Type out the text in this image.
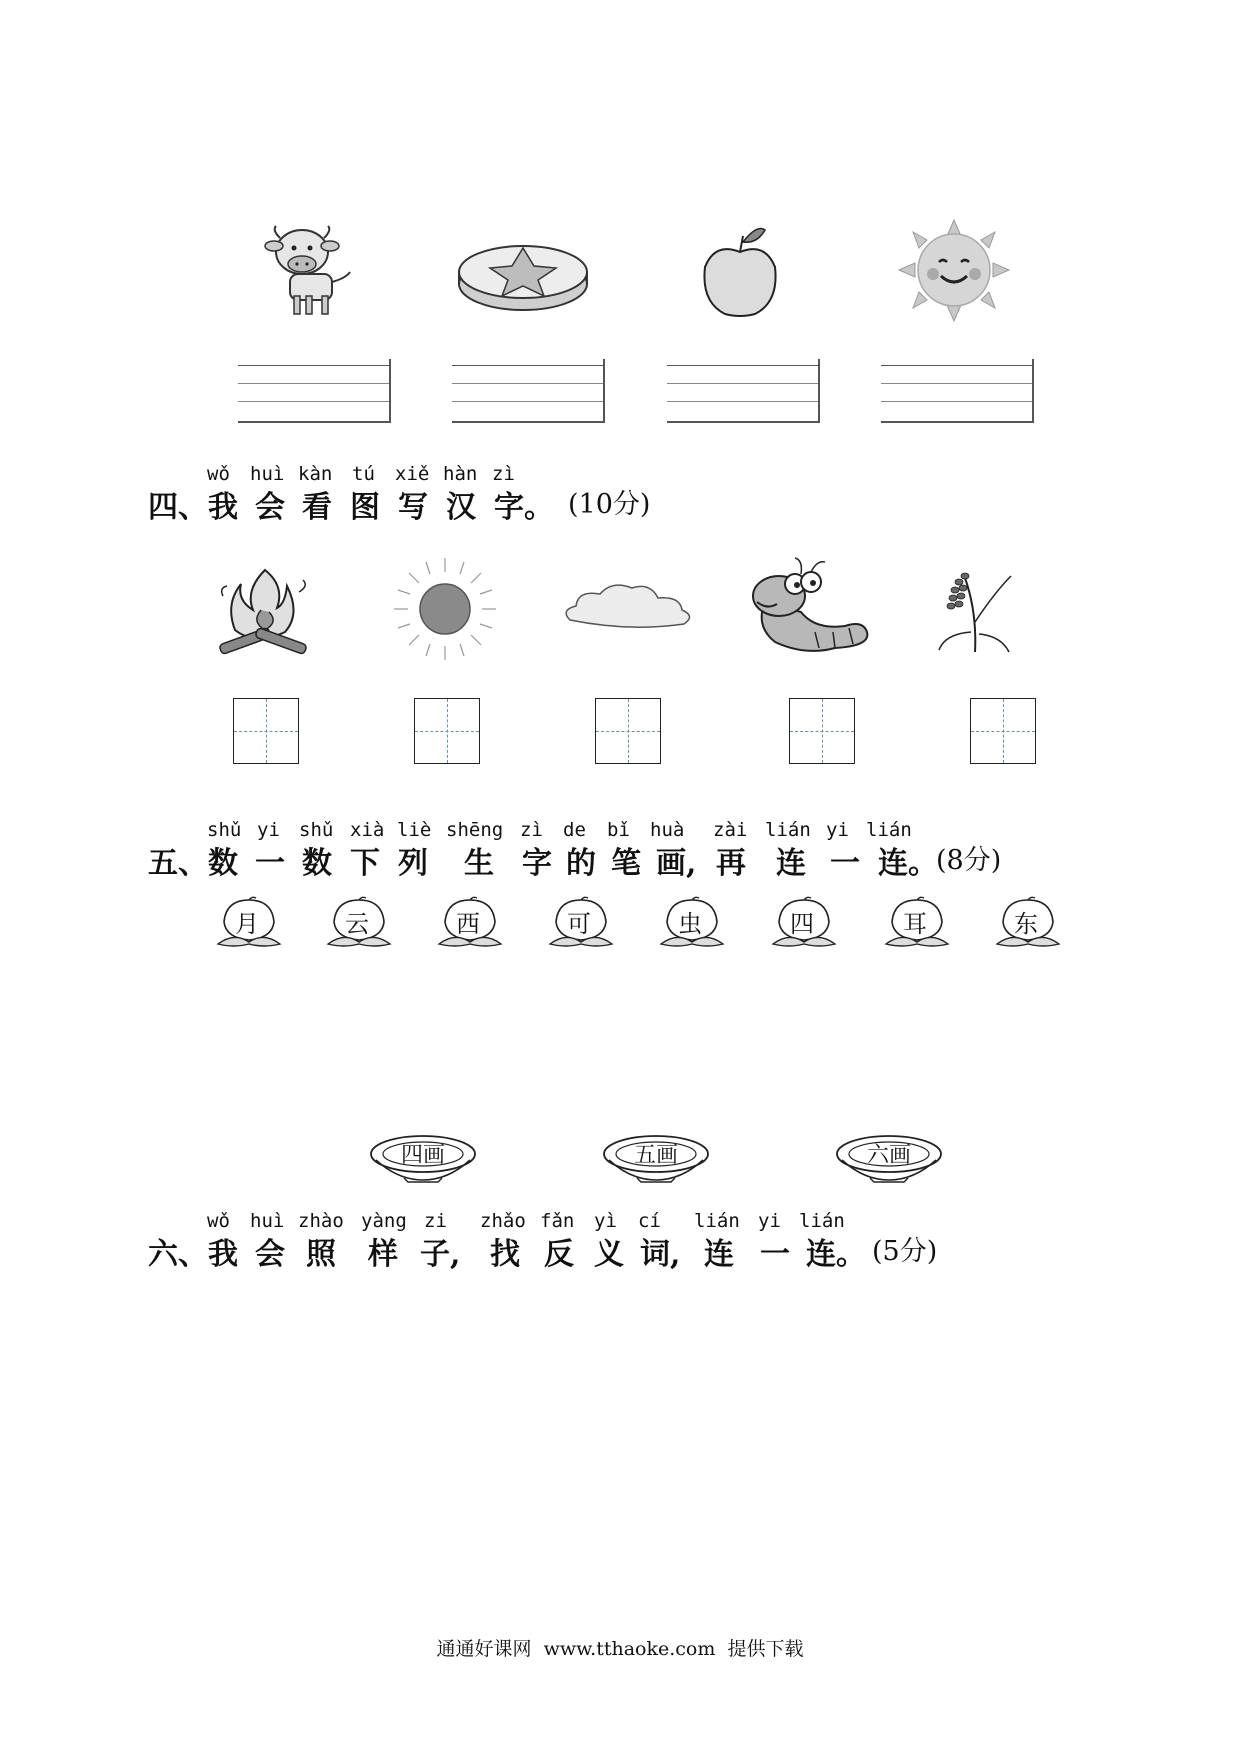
wǒ huì kàn tú xiě hàn zì
四、 我 会 看 图 写 汉 字。 (10分)
shǔ yi shǔ xià liè shēng zì de bǐ huà zài lián yi lián
五、 数 一 数 下 列 生 字 的 笔 画, 再 连 一 连。
(8分)
月	云	西	可	虫	四	耳	东
四画	五画	六画
wǒ huì zhào yàng zi zhǎo fǎn yì cí lián yi lián
六、 我 会 照 样 子, 找 反 义 词, 连 一 连。 (5分)
通通好课网  www.tthaoke.com  提供下载
